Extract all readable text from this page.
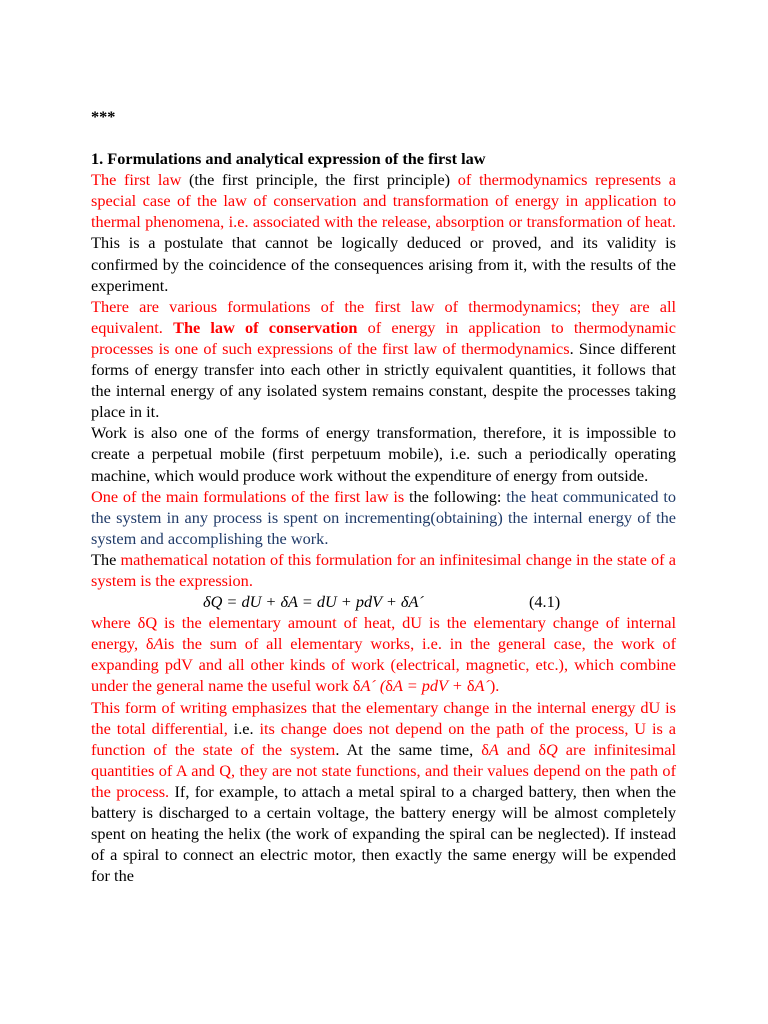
***

1. Formulations and analytical expression of the first law

The first law (the first principle, the first principle) of thermodynamics represents a special case of the law of conservation and transformation of energy in application to thermal phenomena, i.e. associated with the release, absorption or transformation of heat. This is a postulate that cannot be logically deduced or proved, and its validity is confirmed by the coincidence of the consequences arising from it, with the results of the experiment.

There are various formulations of the first law of thermodynamics; they are all equivalent. The law of conservation of energy in application to thermodynamic processes is one of such expressions of the first law of thermodynamics. Since different forms of energy transfer into each other in strictly equivalent quantities, it follows that the internal energy of any isolated system remains constant, despite the processes taking place in it.

Work is also one of the forms of energy transformation, therefore, it is impossible to create a perpetual mobile (first perpetuum mobile), i.e. such a periodically operating machine, which would produce work without the expenditure of energy from outside.

One of the main formulations of the first law is the following: the heat communicated to the system in any process is spent on incrementing(obtaining) the internal energy of the system and accomplishing the work.

The mathematical notation of this formulation for an infinitesimal change in the state of a system is the expression.

δQ = dU + δA = dU + pdV + δA´	(4.1)

where δQ is the elementary amount of heat, dU is the elementary change of internal energy, δAis the sum of all elementary works, i.e. in the general case, the work of expanding pdV and all other kinds of work (electrical, magnetic, etc.), which combine under the general name the useful work δA´ (δA = pdV + δA´).

This form of writing emphasizes that the elementary change in the internal energy dU is the total differential, i.e. its change does not depend on the path of the process, U is a function of the state of the system. At the same time, δA and δQ are infinitesimal quantities of A and Q, they are not state functions, and their values depend on the path of the process. If, for example, to attach a metal spiral to a charged battery, then when the battery is discharged to a certain voltage, the battery energy will be almost completely spent on heating the helix (the work of expanding the spiral can be neglected). If instead of a spiral to connect an electric motor, then exactly the same energy will be expended for the
